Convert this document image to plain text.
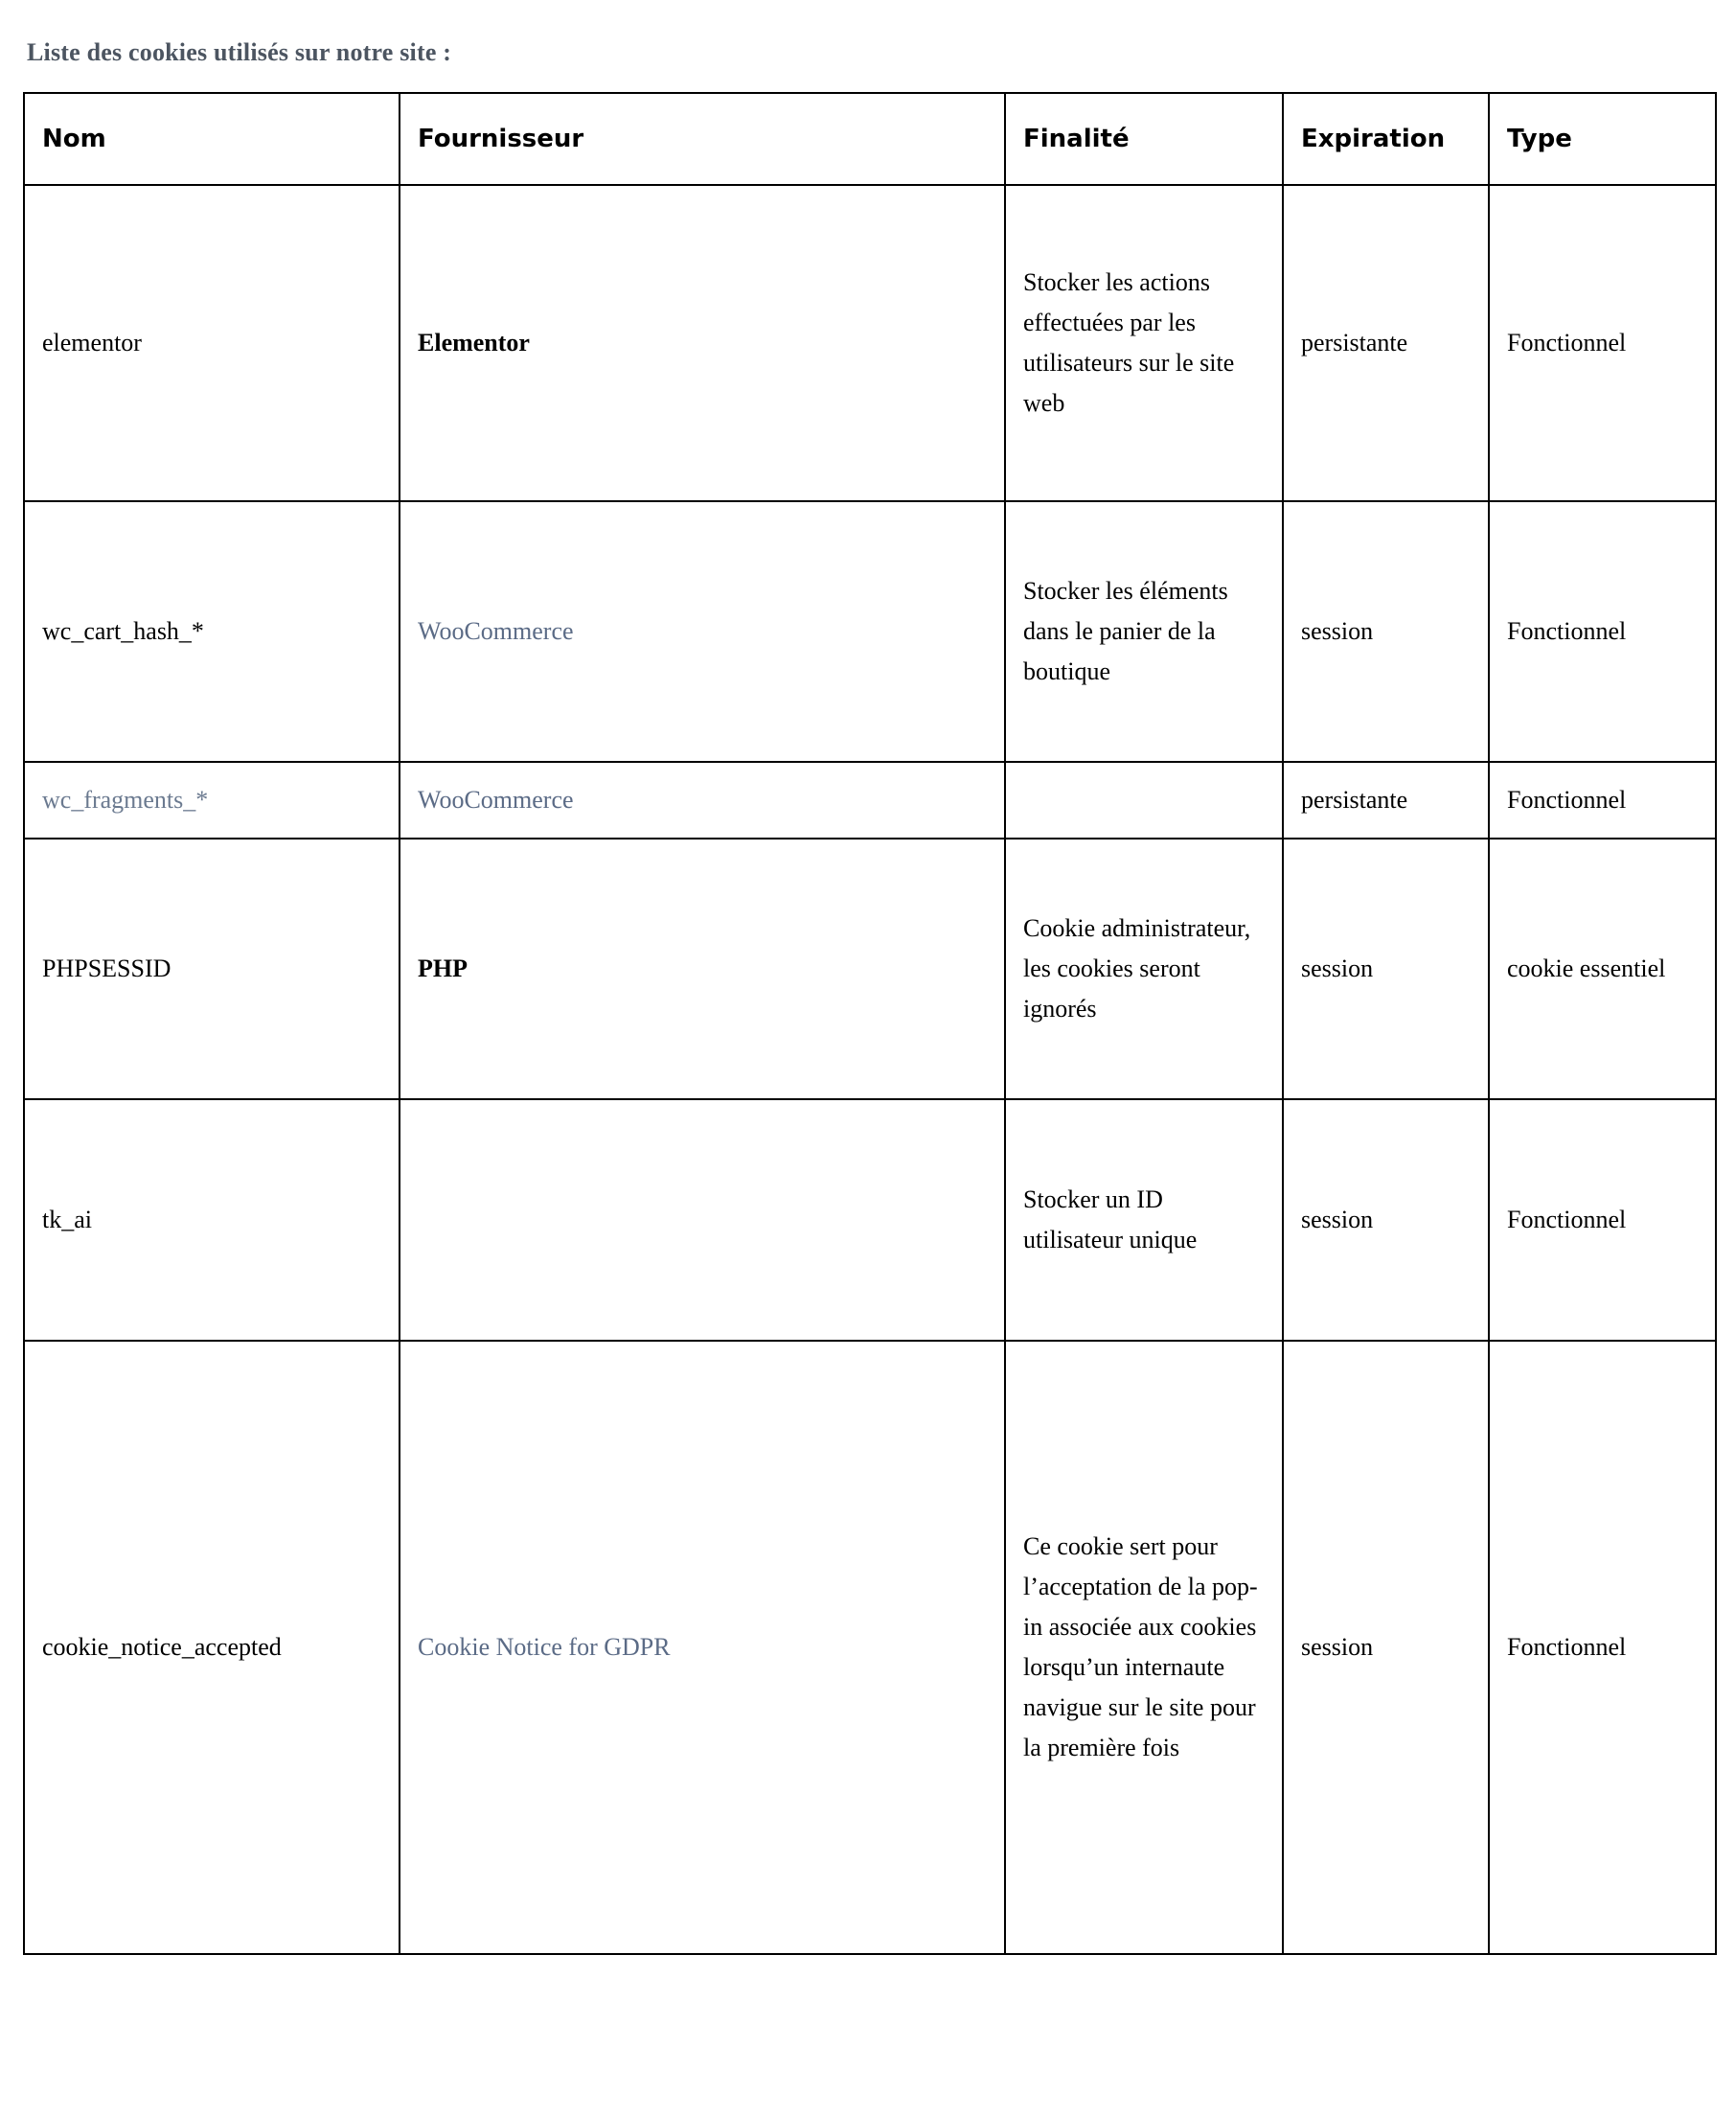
Liste des cookies utilisés sur notre site :
Nom	Fournisseur	Finalité	Expiration	Type
elementor	Elementor	Stocker les actions effectuées par les utilisateurs sur le site web	persistante	Fonctionnel
wc_cart_hash_*	WooCommerce	Stocker les éléments dans le panier de la boutique	session	Fonctionnel
wc_fragments_*	WooCommerce		persistante	Fonctionnel
PHPSESSID	PHP	Cookie administrateur, les cookies seront ignorés	session	cookie essentiel
tk_ai		Stocker un ID utilisateur unique	session	Fonctionnel
cookie_notice_accepted	Cookie Notice for GDPR	Ce cookie sert pour l’acceptation de la pop-in associée aux cookies lorsqu’un internaute navigue sur le site pour la première fois	session	Fonctionnel
